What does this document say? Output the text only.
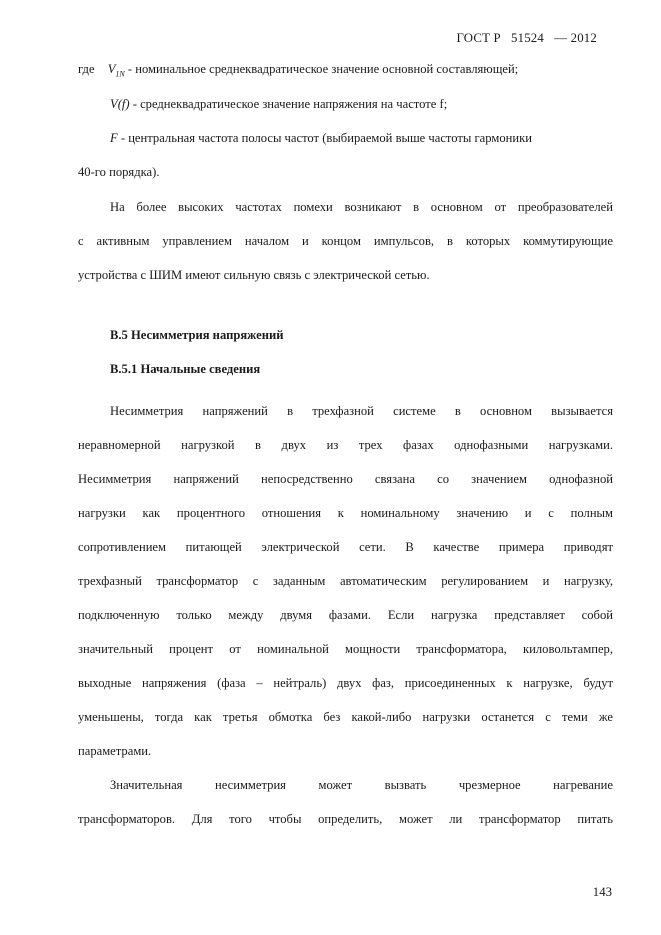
ГОСТ Р   51524   — 2012
где $V_{1N}$ - номинальное среднеквадратическое значение основной составляющей;
V(f) - среднеквадратическое значение напряжения на частоте f;
F - центральная частота полосы частот (выбираемой выше частоты гармоники
40-го порядка).
На более высоких частотах помехи возникают в основном от преобразователей
с активным управлением началом и концом импульсов, в которых коммутирующие
устройства с ШИМ имеют сильную связь с электрической сетью.
В.5 Несимметрия напряжений
В.5.1 Начальные сведения
Несимметрия напряжений в трехфазной системе в основном вызывается
неравномерной нагрузкой в двух из трех фазах однофазными нагрузками.
Несимметрия напряжений непосредственно связана со значением однофазной
нагрузки как процентного отношения к номинальному значению и с полным
сопротивлением питающей электрической сети. В качестве примера приводят
трехфазный трансформатор с заданным автоматическим регулированием и нагрузку,
подключенную только между двумя фазами. Если нагрузка представляет собой
значительный процент от номинальной мощности трансформатора, киловольтампер,
выходные напряжения (фаза – нейтраль) двух фаз, присоединенных к нагрузке, будут
уменьшены, тогда как третья обмотка без какой-либо нагрузки останется с теми же
параметрами.
Значительная несимметрия может вызвать чрезмерное нагревание
трансформаторов. Для того чтобы определить, может ли трансформатор питать
143
